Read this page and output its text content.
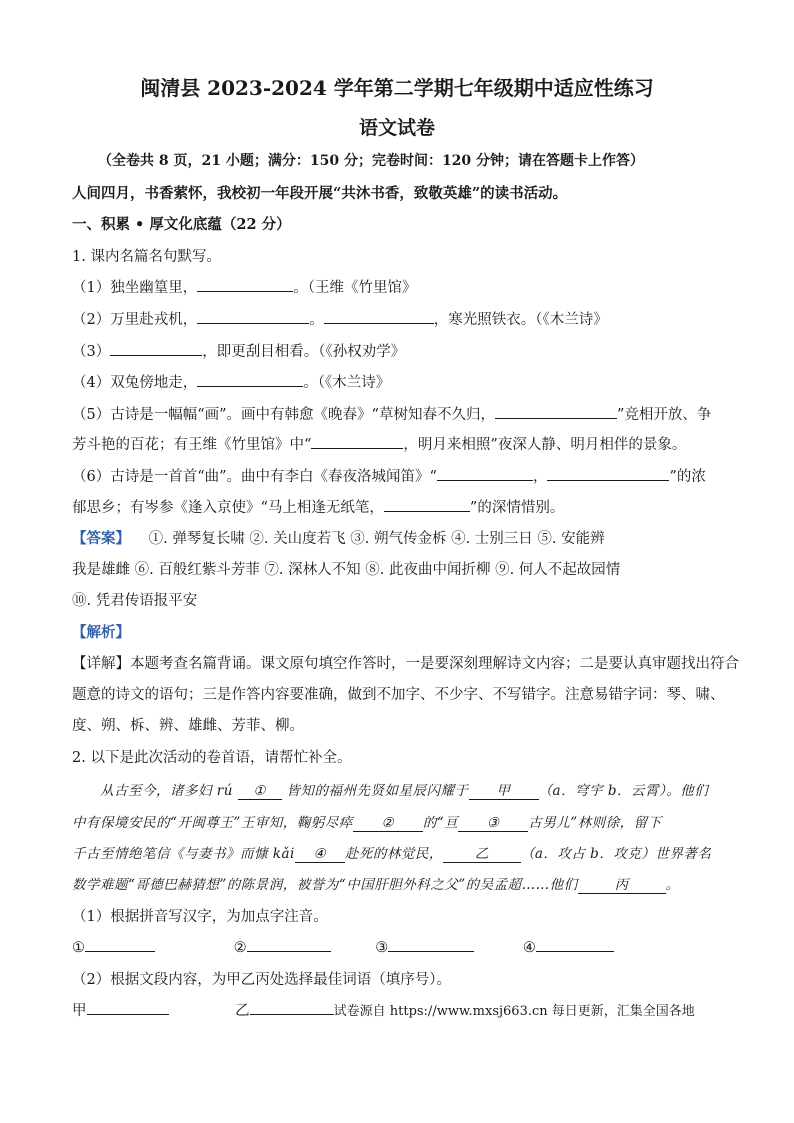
闽清县 2023-2024 学年第二学期七年级期中适应性练习
语文试卷
（全卷共 8 页，21 小题；满分：150 分；完卷时间：120 分钟；请在答题卡上作答）
人间四月，书香萦怀，我校初一年段开展“共沐书香，致敬英雄”的读书活动。
一、积累 • 厚文化底蕴（22 分）
1. 课内名篇名句默写。
（1）独坐幽篁里，	。（王维《竹里馆》
（2）万里赴戎机，	。	，寒光照铁衣。（《木兰诗》
（3）	，即更刮目相看。（《孙权劝学》
（4）双兔傍地走，	。（《木兰诗》
（5）古诗是一幅幅“画”。画中有韩愈《晚春》“草树知春不久归，	”竞相开放、争
芳斗艳的百花；有王维《竹里馆》中“	，明月来相照”夜深人静、明月相伴的景象。
（6）古诗是一首首“曲”。曲中有李白《春夜洛城闻笛》“	，	”的浓
郁思乡；有岑参《逢入京使》“马上相逢无纸笔，	”的深情惜别。
【答案】 ①. 弹琴复长啸 ②. 关山度若飞 ③. 朔气传金柝 ④. 士别三日 ⑤. 安能辨
我是雄雌 ⑥. 百般红紫斗芳菲 ⑦. 深林人不知 ⑧. 此夜曲中闻折柳 ⑨. 何人不起故园情
⑩. 凭君传语报平安
【解析】
【详解】本题考查名篇背诵。课文原句填空作答时，一是要深刻理解诗文内容；二是要认真审题找出符合
题意的诗文的语句；三是作答内容要准确，做到不加字、不少字、不写错字。注意易错字词：琴、啸、
度、朔、柝、辨、雄雌、芳菲、柳。
2. 以下是此次活动的卷首语，请帮忙补全。
从古至今，诸多妇 rú ① 皆知的福州先贤如星辰闪耀于 甲 （a．穹宇 b．云霄）。他们
中有保境安民的“开闽尊王”王审知，鞠躬尽瘁 ② 的“亘 ③ 古男儿”林则徐，留下
千古至情绝笔信《与妻书》而慷 kǎi ④ 赴死的林觉民， 乙 （a．攻占 b．攻克）世界著名
数学难题“哥德巴赫猜想”的陈景润，被誉为“中国肝胆外科之父”的吴孟超……他们	丙	。
（1）根据拼音写汉字，为加点字注音。
①	②	③	④
（2）根据文段内容，为甲乙丙处选择最佳词语（填序号）。
甲	乙	试卷源自 https://www.mxsj663.cn 每日更新，汇集全国各地
